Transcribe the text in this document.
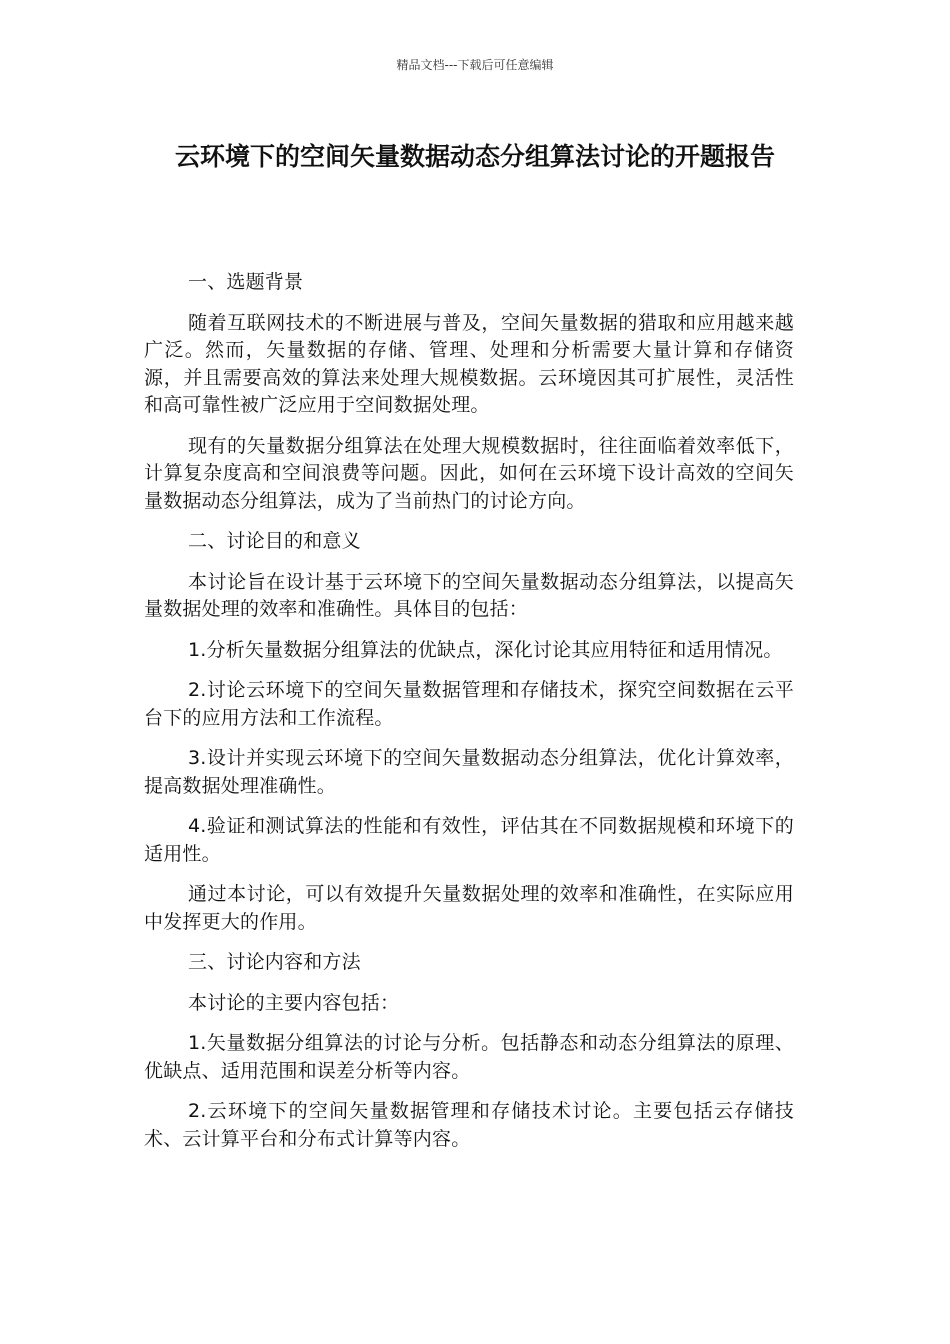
精品文档---下载后可任意编辑
云环境下的空间矢量数据动态分组算法讨论的开题报告

一、选题背景

随着互联网技术的不断进展与普及，空间矢量数据的猎取和应用越来越广泛。然而，矢量数据的存储、管理、处理和分析需要大量计算和存储资源，并且需要高效的算法来处理大规模数据。云环境因其可扩展性，灵活性和高可靠性被广泛应用于空间数据处理。

现有的矢量数据分组算法在处理大规模数据时，往往面临着效率低下，计算复杂度高和空间浪费等问题。因此，如何在云环境下设计高效的空间矢量数据动态分组算法，成为了当前热门的讨论方向。

二、讨论目的和意义

本讨论旨在设计基于云环境下的空间矢量数据动态分组算法，以提高矢量数据处理的效率和准确性。具体目的包括：

1.分析矢量数据分组算法的优缺点，深化讨论其应用特征和适用情况。

2.讨论云环境下的空间矢量数据管理和存储技术，探究空间数据在云平台下的应用方法和工作流程。

3.设计并实现云环境下的空间矢量数据动态分组算法，优化计算效率，提高数据处理准确性。

4.验证和测试算法的性能和有效性，评估其在不同数据规模和环境下的适用性。

通过本讨论，可以有效提升矢量数据处理的效率和准确性，在实际应用中发挥更大的作用。

三、讨论内容和方法

本讨论的主要内容包括：

1.矢量数据分组算法的讨论与分析。包括静态和动态分组算法的原理、优缺点、适用范围和误差分析等内容。

2.云环境下的空间矢量数据管理和存储技术讨论。主要包括云存储技术、云计算平台和分布式计算等内容。
